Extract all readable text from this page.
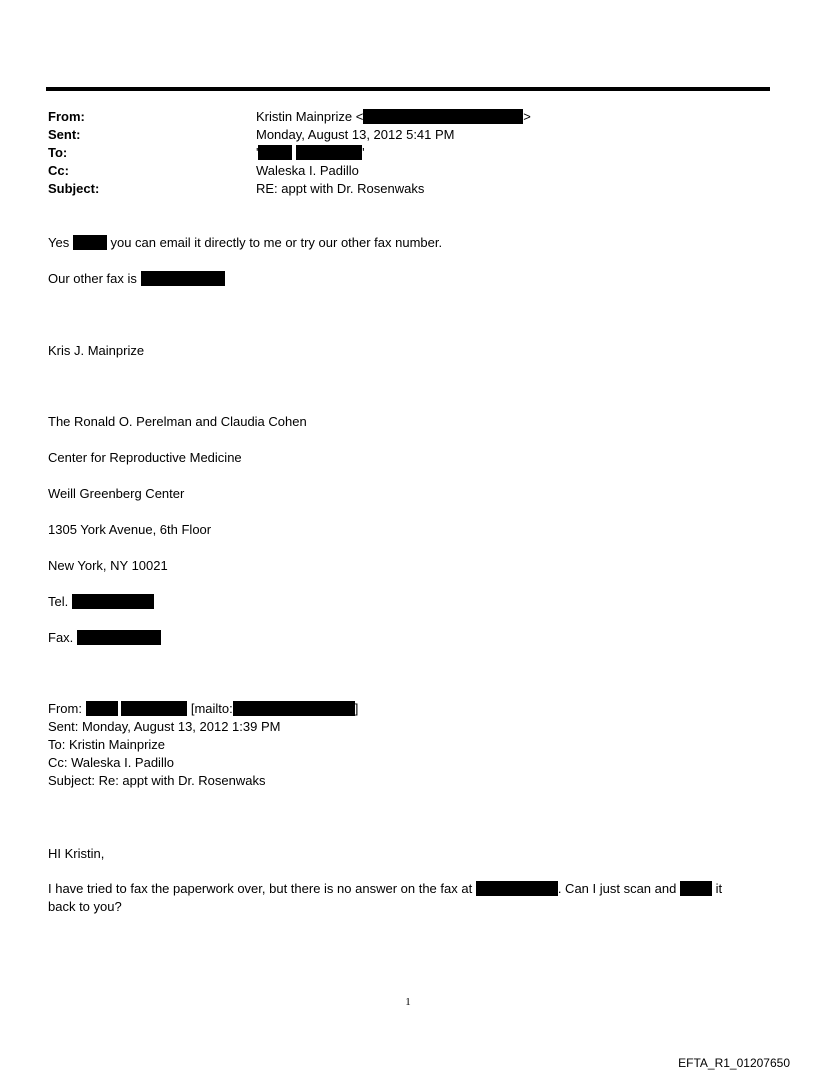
From:	Kristin Mainprize <	>
Sent:	Monday, August 13, 2012 5:41 PM
To:	'	'
Cc:	Waleska I. Padillo
Subject:	RE: appt with Dr. Rosenwaks
Yes	you can email it directly to me or try our other fax number.
Our other fax is
Kris J. Mainprize
The Ronald O. Perelman and Claudia Cohen
Center for Reproductive Medicine
Weill Greenberg Center
1305 York Avenue, 6th Floor
New York, NY 10021
Tel.
Fax.
From:	[mailto:	]
Sent: Monday, August 13, 2012 1:39 PM
To: Kristin Mainprize
Cc: Waleska I. Padillo
Subject: Re: appt with Dr. Rosenwaks
HI Kristin,
I have tried to fax the paperwork over, but there is no answer on the fax at	. Can I just scan and	it
back to you?
1
EFTA_R1_01207650
